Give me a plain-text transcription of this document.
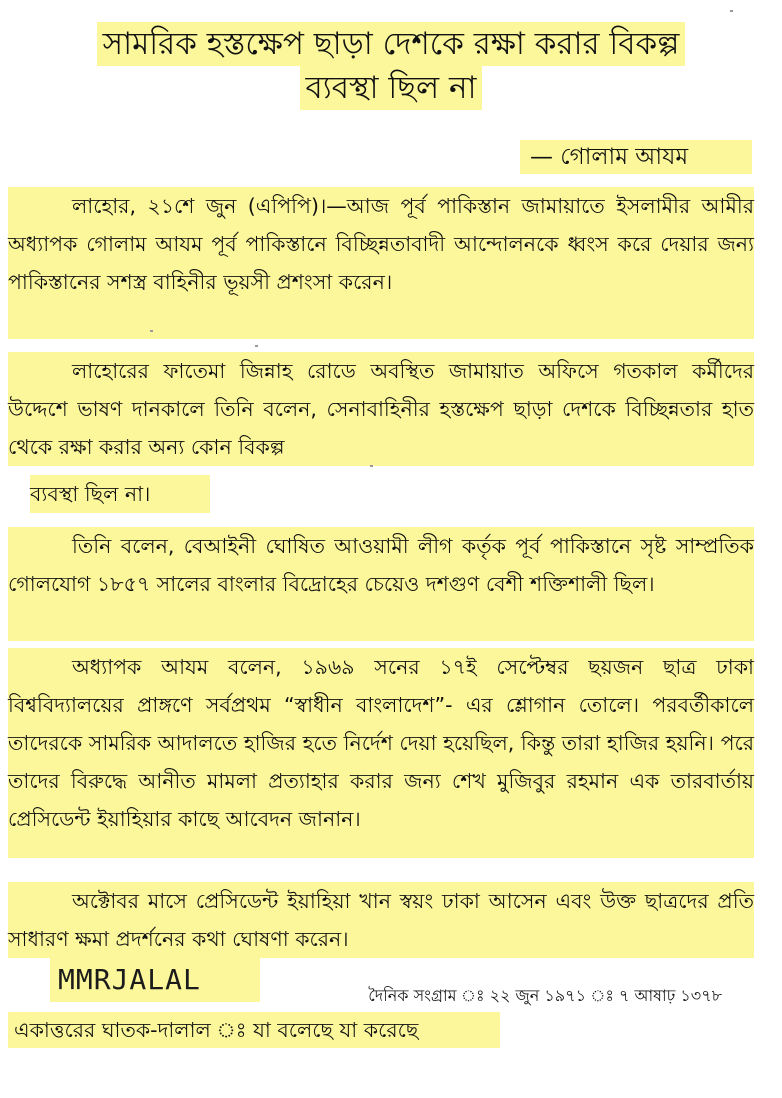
সামরিক হস্তক্ষেপ ছাড়া দেশকে রক্ষা করার বিকল্প
ব্যবস্থা ছিল না
— গোলাম আযম
লাহোর, ২১শে জুন (এপিপি)।—আজ পূর্ব পাকিস্তান জামায়াতে ইসলামীর আমীর অধ্যাপক গোলাম আযম পূর্ব পাকিস্তানে বিচ্ছিন্নতাবাদী আন্দোলনকে ধ্বংস করে দেয়ার জন্য পাকিস্তানের সশস্ত্র বাহিনীর ভূয়সী প্রশংসা করেন।
লাহোরের ফাতেমা জিন্নাহ রোডে অবস্থিত জামায়াত অফিসে গতকাল কর্মীদের উদ্দেশে ভাষণ দানকালে তিনি বলেন, সেনাবাহিনীর হস্তক্ষেপ ছাড়া দেশকে বিচ্ছিন্নতার হাত থেকে রক্ষা করার অন্য কোন বিকল্প
ব্যবস্থা ছিল না।
তিনি বলেন, বেআইনী ঘোষিত আওয়ামী লীগ কর্তৃক পূর্ব পাকিস্তানে সৃষ্ট সাম্প্রতিক গোলযোগ ১৮৫৭ সালের বাংলার বিদ্রোহের চেয়েও দশগুণ বেশী শক্তিশালী ছিল।
অধ্যাপক আযম বলেন, ১৯৬৯ সনের ১৭ই সেপ্টেম্বর ছয়জন ছাত্র ঢাকা বিশ্ববিদ্যালয়ের প্রাঙ্গণে সর্বপ্রথম “স্বাধীন বাংলাদেশ”- এর শ্লোগান তোলে। পরবর্তীকালে তাদেরকে সামরিক আদালতে হাজির হতে নির্দেশ দেয়া হয়েছিল, কিন্তু তারা হাজির হয়নি। পরে তাদের বিরুদ্ধে আনীত মামলা প্রত্যাহার করার জন্য শেখ মুজিবুর রহমান এক তারবার্তায় প্রেসিডেন্ট ইয়াহিয়ার কাছে আবেদন জানান।
অক্টোবর মাসে প্রেসিডেন্ট ইয়াহিয়া খান স্বয়ং ঢাকা আসেন এবং উক্ত ছাত্রদের প্রতি সাধারণ ক্ষমা প্রদর্শনের কথা ঘোষণা করেন।
MMRJALAL	দৈনিক সংগ্রাম ঃ ২২ জুন ১৯৭১ ঃ ৭ আষাঢ় ১৩৭৮
একাত্তরের ঘাতক-দালাল ঃ যা বলেছে যা করেছে
